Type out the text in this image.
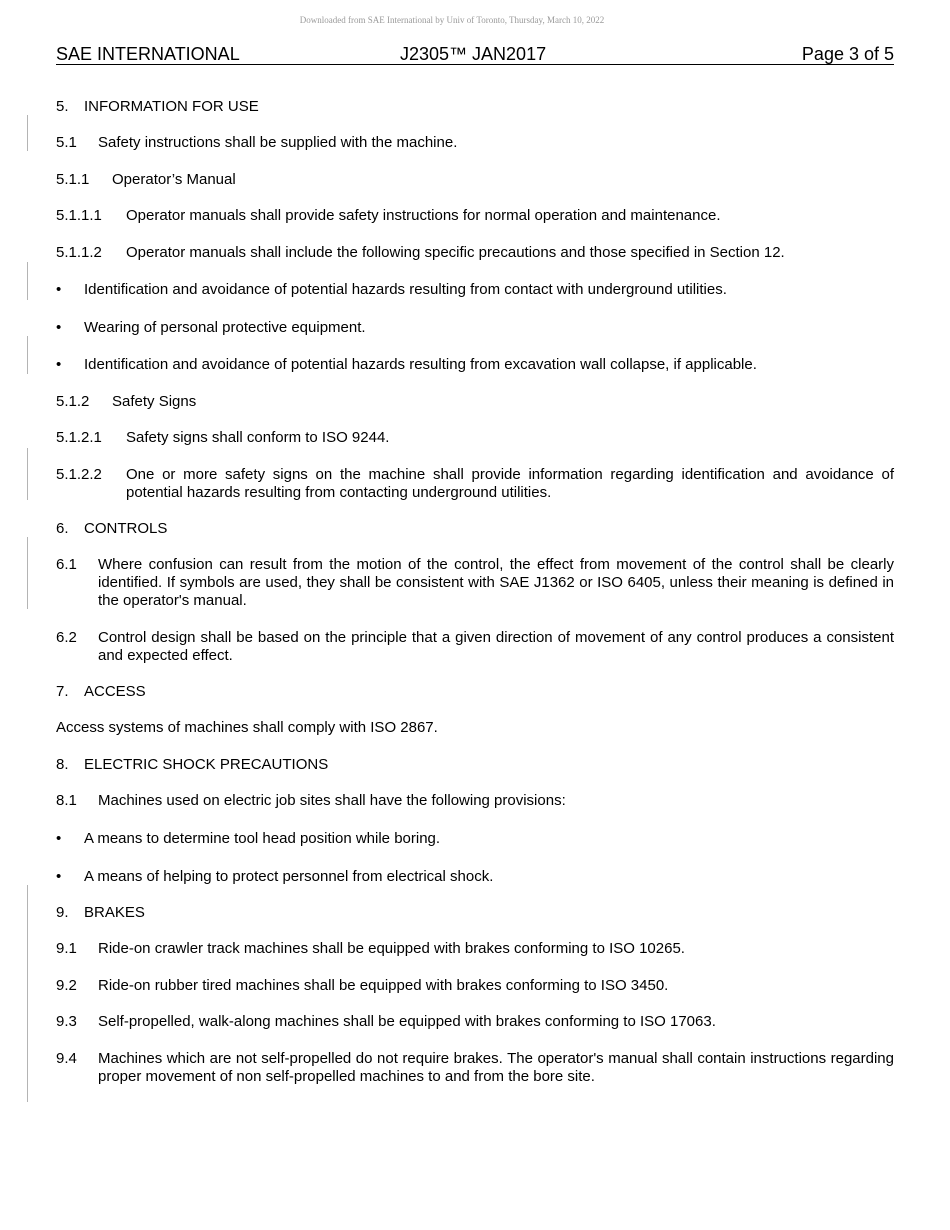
Downloaded from SAE International by Univ of Toronto, Thursday, March 10, 2022
SAE INTERNATIONAL	J2305™ JAN2017	Page 3 of 5
5.	INFORMATION FOR USE
5.1	Safety instructions shall be supplied with the machine.
5.1.1	Operator’s Manual
5.1.1.1	Operator manuals shall provide safety instructions for normal operation and maintenance.
5.1.1.2	Operator manuals shall include the following specific precautions and those specified in Section 12.
•	Identification and avoidance of potential hazards resulting from contact with underground utilities.
•	Wearing of personal protective equipment.
•	Identification and avoidance of potential hazards resulting from excavation wall collapse, if applicable.
5.1.2	Safety Signs
5.1.2.1	Safety signs shall conform to ISO 9244.
5.1.2.2	One or more safety signs on the machine shall provide information regarding identification and avoidance of potential hazards resulting from contacting underground utilities.
6.	CONTROLS
6.1	Where confusion can result from the motion of the control, the effect from movement of the control shall be clearly identified. If symbols are used, they shall be consistent with SAE J1362 or ISO 6405, unless their meaning is defined in the operator's manual.
6.2	Control design shall be based on the principle that a given direction of movement of any control produces a consistent and expected effect.
7.	ACCESS
Access systems of machines shall comply with ISO 2867.
8.	ELECTRIC SHOCK PRECAUTIONS
8.1	Machines used on electric job sites shall have the following provisions:
•	A means to determine tool head position while boring.
•	A means of helping to protect personnel from electrical shock.
9.	BRAKES
9.1	Ride-on crawler track machines shall be equipped with brakes conforming to ISO 10265.
9.2	Ride-on rubber tired machines shall be equipped with brakes conforming to ISO 3450.
9.3	Self-propelled, walk-along machines shall be equipped with brakes conforming to ISO 17063.
9.4	Machines which are not self-propelled do not require brakes. The operator's manual shall contain instructions regarding proper movement of non self-propelled machines to and from the bore site.
